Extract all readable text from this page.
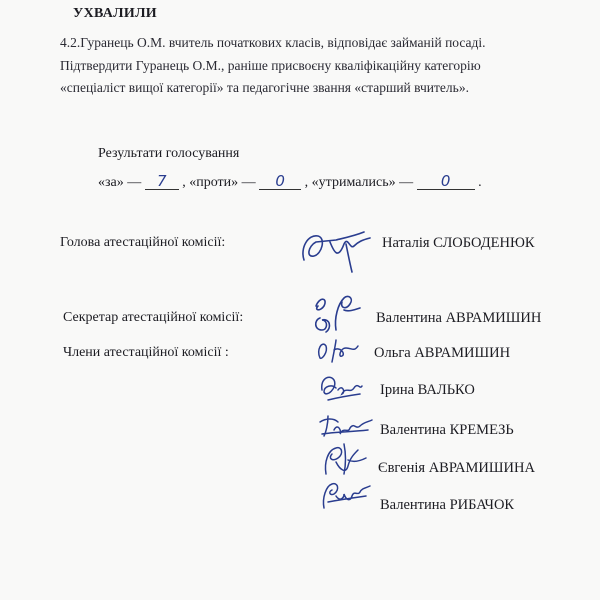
УХВАЛИЛИ
4.2.Гуранець О.М. вчитель початкових класів, відповідає займаній посаді.
Підтвердити Гуранець О.М., раніше присвоєну кваліфікаційну категорію
«спеціаліст вищої категорії» та педагогічне звання «старший вчитель».
Результати голосування
«за» — 7 , «проти» — 0 , «утримались» — 0 .
Голова атестаційної комісії:	Наталія СЛОБОДЕНЮК
Секретар атестаційної комісії:	Валентина АВРАМИШИН
Члени атестаційної комісії :	Ольга АВРАМИШИН
Ірина ВАЛЬКО
Валентина КРЕМЕЗЬ
Євгенія АВРАМИШИНА
Валентина РИБАЧОК
